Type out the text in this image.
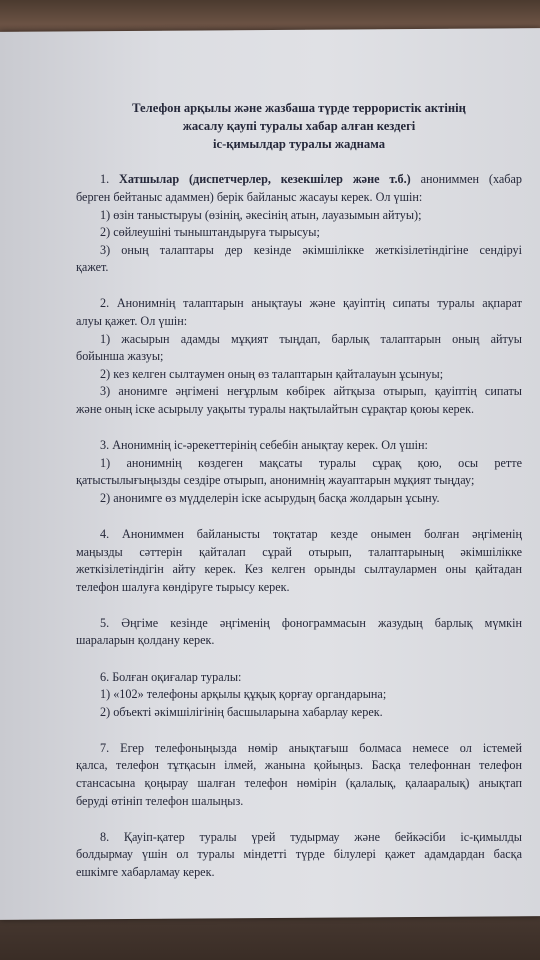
Телефон арқылы және жазбаша түрде террористік актінің
жасалу қаупі туралы хабар алған кездегі
іс-қимылдар туралы жаднама
1. Хатшылар (диспетчерлер, кезекшілер және т.б.) анониммен (хабар
берген бейтаныс адаммен) берік байланыс жасауы керек. Ол үшін:
1) өзін таныстыруы (өзінің, әкесінің атын, лауазымын айтуы);
2) сөйлеушіні тыныштандыруға тырысуы;
3) оның талаптары дер кезінде әкімшілікке жеткізілетіндігіне сендіруі
қажет.
2. Анонимнің талаптарын анықтауы және қауіптің сипаты туралы ақпарат
алуы қажет. Ол үшін:
1) жасырын адамды мұқият тыңдап, барлық талаптарын оның айтуы
бойынша жазуы;
2) кез келген сылтаумен оның өз талаптарын қайталауын ұсынуы;
3) анонимге әңгімені неғұрлым көбірек айтқыза отырып, қауіптің сипаты
және оның іске асырылу уақыты туралы нақтылайтын сұрақтар қоюы керек.
3. Анонимнің іс-әрекеттерінің себебін анықтау керек. Ол үшін:
1) анонимнің көздеген мақсаты туралы сұрақ қою, осы ретте
қатыстылығыңызды сездіре отырып, анонимнің жауаптарын мұқият тыңдау;
2) анонимге өз мүдделерін іске асырудың басқа жолдарын ұсыну.
4. Анониммен байланысты тоқтатар кезде онымен болған әңгіменің
маңызды сәттерін қайталап сұрай отырып, талаптарының әкімшілікке
жеткізілетіндігін айту керек. Кез келген орынды сылтаулармен оны қайтадан
телефон шалуға көндіруге тырысу керек.
5. Әңгіме кезінде әңгіменің фонограммасын жазудың барлық мүмкін
шараларын қолдану керек.
6. Болған оқиғалар туралы:
1) «102» телефоны арқылы құқық қорғау органдарына;
2) объекті әкімшілігінің басшыларына хабарлау керек.
7. Егер телефоныңызда нөмір анықтағыш болмаса немесе ол істемей
қалса, телефон тұтқасын ілмей, жанына қойыңыз. Басқа телефоннан телефон
стансасына қоңырау шалған телефон нөмірін (қалалық, қалааралық) анықтап
беруді өтініп телефон шалыңыз.
8. Қауіп-қатер туралы үрей тудырмау және бейкәсіби іс-қимылды
болдырмау үшін ол туралы міндетті түрде білулері қажет адамдардан басқа
ешкімге хабарламау керек.
